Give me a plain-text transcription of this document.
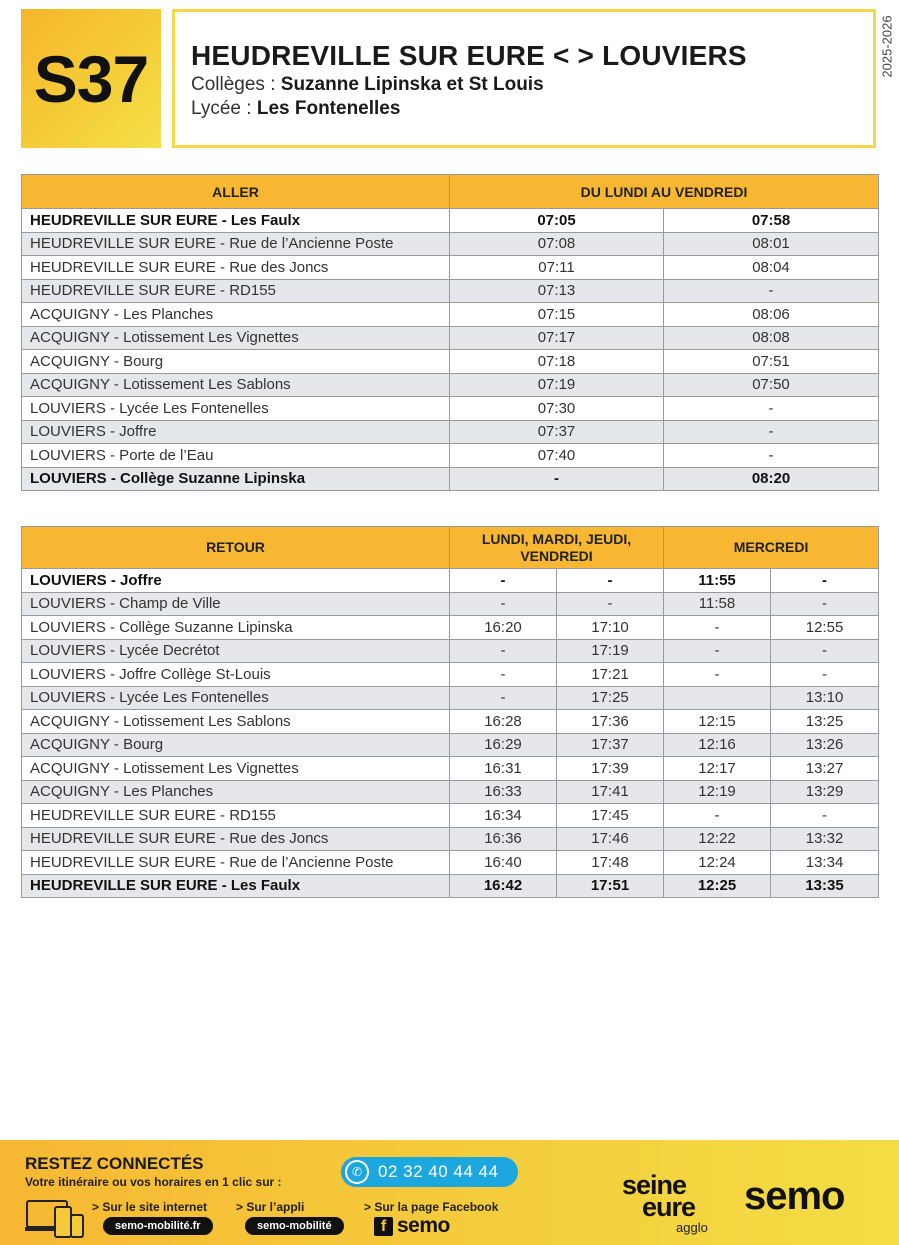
S37 HEUDREVILLE SUR EURE < > LOUVIERS
Collèges : Suzanne Lipinska et St Louis
Lycée : Les Fontenelles
2025-2026
ALLER	DU LUNDI AU VENDREDI	
HEUDREVILLE SUR EURE - Les Faulx	07:05	07:58
HEUDREVILLE SUR EURE - Rue de l’Ancienne Poste	07:08	08:01
HEUDREVILLE SUR EURE - Rue des Joncs	07:11	08:04
HEUDREVILLE SUR EURE - RD155	07:13	-
ACQUIGNY - Les Planches	07:15	08:06
ACQUIGNY - Lotissement Les Vignettes	07:17	08:08
ACQUIGNY - Bourg	07:18	07:51
ACQUIGNY - Lotissement Les Sablons	07:19	07:50
LOUVIERS - Lycée Les Fontenelles	07:30	-
LOUVIERS - Joffre	07:37	-
LOUVIERS - Porte de l’Eau	07:40	-
LOUVIERS - Collège Suzanne Lipinska	-	08:20
RETOUR	LUNDI, MARDI, JEUDI, VENDREDI		MERCREDI	
LOUVIERS - Joffre	-	-	11:55	-
LOUVIERS - Champ de Ville	-	-	11:58	-
LOUVIERS - Collège Suzanne Lipinska	16:20	17:10	-	12:55
LOUVIERS - Lycée Decrétot	-	17:19	-	-
LOUVIERS - Joffre Collège St-Louis	-	17:21	-	-
LOUVIERS - Lycée Les Fontenelles	-	17:25		13:10
ACQUIGNY - Lotissement Les Sablons	16:28	17:36	12:15	13:25
ACQUIGNY - Bourg	16:29	17:37	12:16	13:26
ACQUIGNY - Lotissement Les Vignettes	16:31	17:39	12:17	13:27
ACQUIGNY - Les Planches	16:33	17:41	12:19	13:29
HEUDREVILLE SUR EURE - RD155	16:34	17:45	-	-
HEUDREVILLE SUR EURE - Rue des Joncs	16:36	17:46	12:22	13:32
HEUDREVILLE SUR EURE - Rue de l’Ancienne Poste	16:40	17:48	12:24	13:34
HEUDREVILLE SUR EURE - Les Faulx	16:42	17:51	12:25	13:35
RESTEZ CONNECTÉS
Votre itinéraire ou vos horaires en 1 clic sur :
> Sur le site internet
semo-mobilité.fr
> Sur l’appli
semo-mobilité
✆ 02 32 40 44 44
> Sur la page Facebook
f semo
seine
eure
agglo
semo
